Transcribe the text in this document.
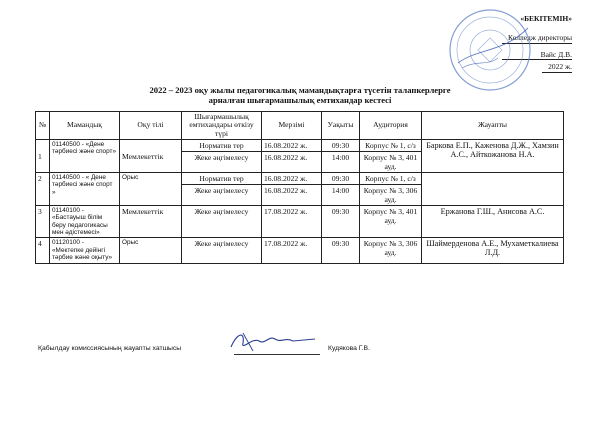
«БЕКІТЕМІН»
Колледж директоры
Вайс Д.В.
2022 ж.
2022 – 2023 оқу жылы педагогикалық мамандықтарға түсетін талапкерлерге
арналған шығармашылық емтихандар кестесі
№	Мамандық	Оқу тілі	Шығармашылық емтихандары өткізу түрі	Мерзімі	Уақыты	Аудитория	Жауапты
1	01140500 - «Дене тәрбиесі және спорт»	Мемлекеттік	Норматив тер	16.08.2022 ж.	09:30	Корпус № 1, с/з	Баркова Е.П., Каженова Д.Ж., Хамзин А.С., Айткожанова Н.А.
			Жеке әңгімелесу	16.08.2022 ж.	14:00	Корпус № 3, 401 ауд.	
2	01140500 - « Дене тәрбиесі және спорт »	Орыс	Норматив тер	16.08.2022 ж.	09:30	Корпус № 1, с/з	
			Жеке әңгімелесу	16.08.2022 ж.	14:00	Корпус № 3, 306 ауд.	
3	01140100 - «Бастауыш білім беру педагогикасы мен әдістемесі»	Мемлекеттік	Жеке әңгімелесу	17.08.2022 ж.	09:30	Корпус № 3, 401 ауд.	Ержанова Г.Ш., Анисова А.С.
4	01120100 - «Мектепке дейінгі тәрбие және оқыту»	Орыс	Жеке әңгімелесу	17.08.2022 ж.	09:30	Корпус № 3, 306 ауд.	Шаймерденова А.Е., Мухаметкалиева Л.Д.
Қабылдау комиссиясының жауапты хатшысы	Кудякова Г.В.
